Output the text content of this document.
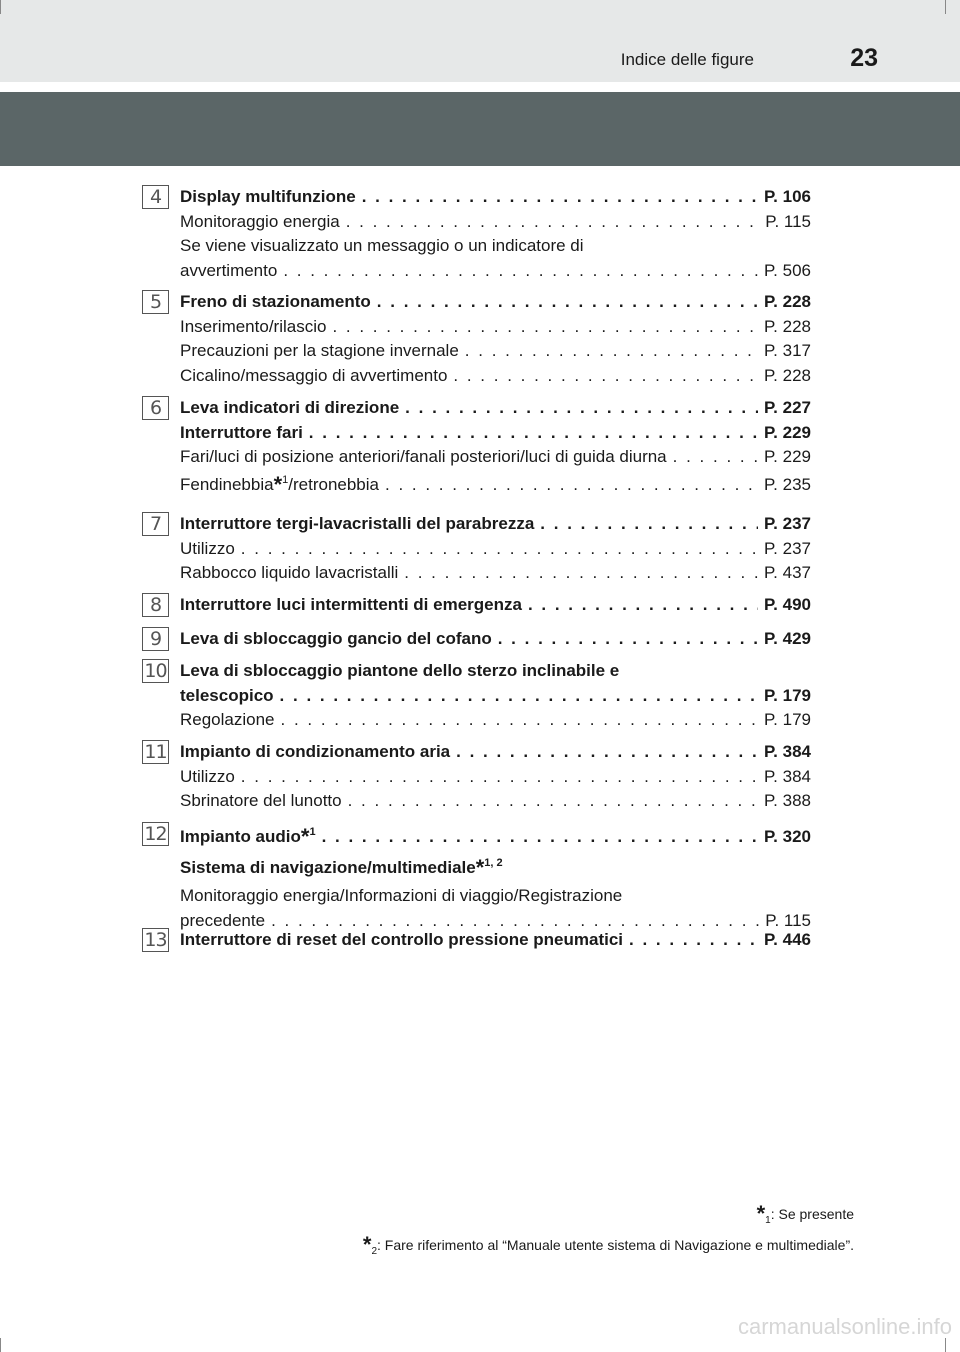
Indice delle figure	23
4	Display multifunzione . . .	P. 106
Monitoraggio energia . . .	P. 115
Se viene visualizzato un messaggio o un indicatore di
avvertimento . . .	P. 506
5	Freno di stazionamento . . .	P. 228
Inserimento/rilascio . . .	P. 228
Precauzioni per la stagione invernale . . .	P. 317
Cicalino/messaggio di avvertimento . . .	P. 228
6	Leva indicatori di direzione . . .	P. 227
Interruttore fari . . .	P. 229
Fari/luci di posizione anteriori/fanali posteriori/luci di guida diurna . . .	P. 229
Fendinebbia*$^1$/retronebbia . . .	P. 235
7	Interruttore tergi-lavacristalli del parabrezza . . .	P. 237
Utilizzo . . .	P. 237
Rabbocco liquido lavacristalli . . .	P. 437
8	Interruttore luci intermittenti di emergenza . . .	P. 490
9	Leva di sbloccaggio gancio del cofano . . .	P. 429
10 Leva di sbloccaggio piantone dello sterzo inclinabile e
telescopico . . .	P. 179
Regolazione . . .	P. 179
11 Impianto di condizionamento aria . . .	P. 384
Utilizzo . . .	P. 384
Sbrinatore del lunotto . . .	P. 388
12 Impianto audio*$^1$ . . .	P. 320
Sistema di navigazione/multimediale*$^{1, 2}$
Monitoraggio energia/Informazioni di viaggio/Registrazione
precedente . . .	P. 115
13 Interruttore di reset del controllo pressione pneumatici . . .	P. 446
$*_1$: Se presente
$*_2$: Fare riferimento al “Manuale utente sistema di Navigazione e multimediale”.
carmanualsonline.info
